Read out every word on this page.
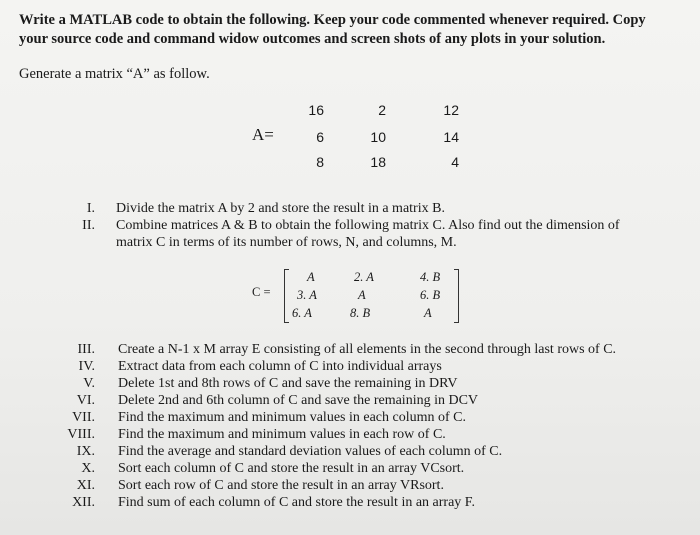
Write a MATLAB code to obtain the following. Keep your code commented whenever required. Copy
your source code and command widow outcomes and screen shots of any plots in your solution.
Generate a matrix “A” as follow.
A=
16	2	12
6	10	14
8	18	4
I. Divide the matrix A by 2 and store the result in a matrix B.
II. Combine matrices A & B to obtain the following matrix C. Also find out the dimension of
matrix C in terms of its number of rows, N, and columns, M.
C =
A	2. A	4. B
3. A	A	6. B
6. A	8. B	A
III. Create a N-1 x M array E consisting of all elements in the second through last rows of C.
IV. Extract data from each column of C into individual arrays
V. Delete 1st and 8th rows of C and save the remaining in DRV
VI. Delete 2nd and 6th column of C and save the remaining in DCV
VII. Find the maximum and minimum values in each column of C.
VIII. Find the maximum and minimum values in each row of C.
IX. Find the average and standard deviation values of each column of C.
X. Sort each column of C and store the result in an array VCsort.
XI. Sort each row of C and store the result in an array VRsort.
XII. Find sum of each column of C and store the result in an array F.
